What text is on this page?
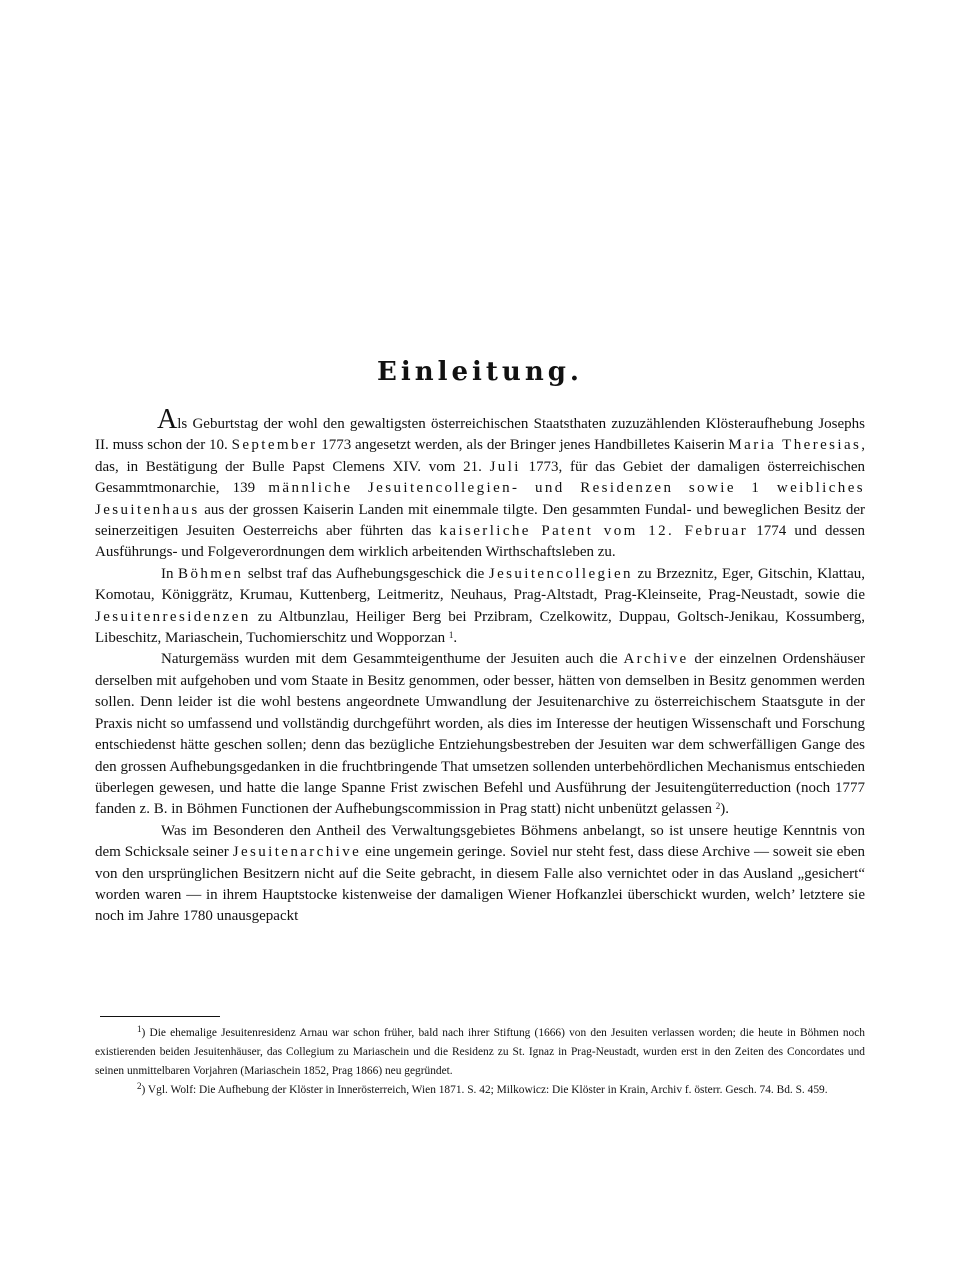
Einleitung.

Als Geburtstag der wohl den gewaltigsten österreichischen Staatsthaten zuzuzählenden Klösteraufhebung Josephs II. muss schon der 10. September 1773 angesetzt werden, als der Bringer jenes Handbilletes Kaiserin Maria Theresias, das, in Bestätigung der Bulle Papst Clemens XIV. vom 21. Juli 1773, für das Gebiet der damaligen österreichischen Gesammtmonarchie, 139 männliche Jesuitencollegien- und Residenzen sowie 1 weibliches Jesuitenhaus aus der grossen Kaiserin Landen mit einemmale tilgte. Den gesammten Fundal- und beweglichen Besitz der seinerzeitigen Jesuiten Oesterreichs aber führten das kaiserliche Patent vom 12. Februar 1774 und dessen Ausführungs- und Folgeverordnungen dem wirklich arbeitenden Wirthschaftsleben zu.

In Böhmen selbst traf das Aufhebungsgeschick die Jesuitencollegien zu Brzeznitz, Eger, Gitschin, Klattau, Komotau, Königgrätz, Krumau, Kuttenberg, Leitmeritz, Neuhaus, Prag-Altstadt, Prag-Kleinseite, Prag-Neustadt, sowie die Jesuitenresidenzen zu Altbunzlau, Heiliger Berg bei Przibram, Czelkowitz, Duppau, Goltsch-Jenikau, Kossumberg, Libeschitz, Mariaschein, Tuchomierschitz und Wopporzan $^1$.

Naturgemäss wurden mit dem Gesammteigenthume der Jesuiten auch die Archive der einzelnen Ordenshäuser derselben mit aufgehoben und vom Staate in Besitz genommen, oder besser, hätten von demselben in Besitz genommen werden sollen. Denn leider ist die wohl bestens angeordnete Umwandlung der Jesuitenarchive zu österreichischem Staatsgute in der Praxis nicht so umfassend und vollständig durchgeführt worden, als dies im Interesse der heutigen Wissenschaft und Forschung entschiedenst hätte geschen sollen; denn das bezügliche Entziehungsbestreben der Jesuiten war dem schwerfälligen Gange des den grossen Aufhebungsgedanken in die fruchtbringende That umsetzen sollenden unterbehördlichen Mechanismus entschieden überlegen gewesen, und hatte die lange Spanne Frist zwischen Befehl und Ausführung der Jesuitengüterreduction (noch 1777 fanden z. B. in Böhmen Functionen der Aufhebungscommission in Prag statt) nicht unbenützt gelassen $^2$).

Was im Besonderen den Antheil des Verwaltungsgebietes Böhmens anbelangt, so ist unsere heutige Kenntnis von dem Schicksale seiner Jesuitenarchive eine ungemein geringe. Soviel nur steht fest, dass diese Archive — soweit sie eben von den ursprünglichen Besitzern nicht auf die Seite gebracht, in diesem Falle also vernichtet oder in das Ausland „gesichert“ worden waren — in ihrem Hauptstocke kistenweise der damaligen Wiener Hofkanzlei überschickt wurden, welch’ letztere sie noch im Jahre 1780 unausgepackt

$^1$) Die ehemalige Jesuitenresidenz Arnau war schon früher, bald nach ihrer Stiftung (1666) von den Jesuiten verlassen worden; die heute in Böhmen noch existierenden beiden Jesuitenhäuser, das Collegium zu Mariaschein und die Residenz zu St. Ignaz in Prag-Neustadt, wurden erst in den Zeiten des Concordates und seinen unmittelbaren Vorjahren (Mariaschein 1852, Prag 1866) neu gegründet.

$^2$) Vgl. Wolf: Die Aufhebung der Klöster in Innerösterreich, Wien 1871. S. 42; Milkowicz: Die Klöster in Krain, Archiv f. österr. Gesch. 74. Bd. S. 459.
